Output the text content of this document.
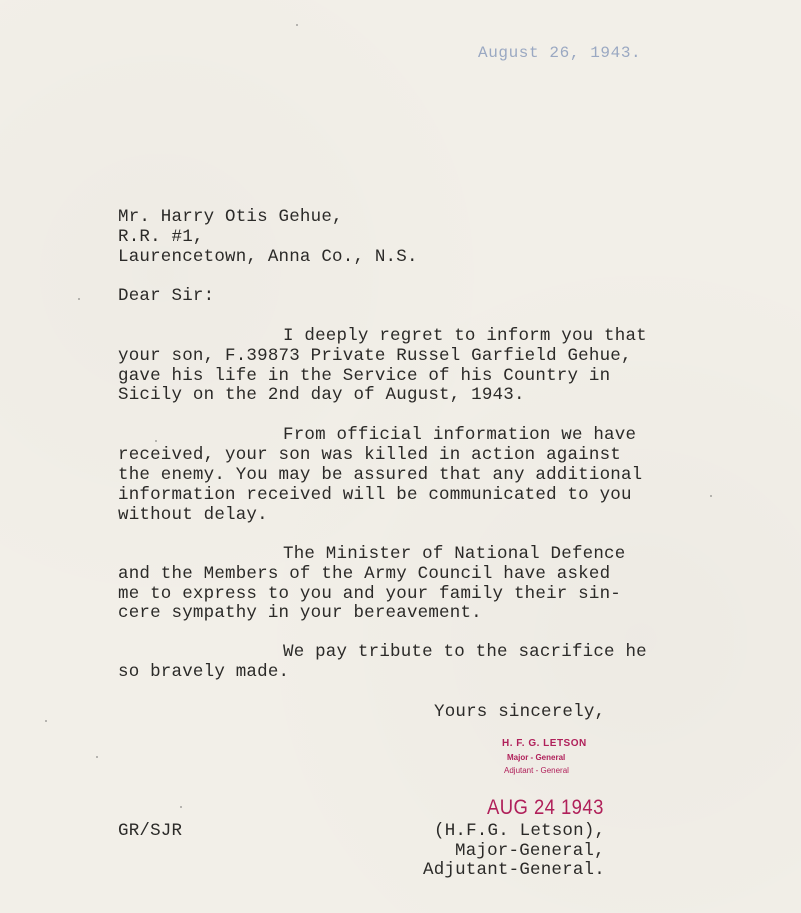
August 26, 1943.
Mr. Harry Otis Gehue,
R.R. #1,
Laurencetown, Anna Co., N.S.
Dear Sir:
I deeply regret to inform you that
your son, F.39873 Private Russel Garfield Gehue,
gave his life in the Service of his Country in
Sicily on the 2nd day of August, 1943.
From official information we have
received, your son was killed in action against
the enemy. You may be assured that any additional
information received will be communicated to you
without delay.
The Minister of National Defence
and the Members of the Army Council have asked
me to express to you and your family their sin-
cere sympathy in your bereavement.
We pay tribute to the sacrifice he
so bravely made.
Yours sincerely,
H. F. G. LETSON
Major - General
Adjutant - General
AUG 24 1943
GR/SJR	(H.F.G. Letson),
Major-General,
Adjutant-General.
